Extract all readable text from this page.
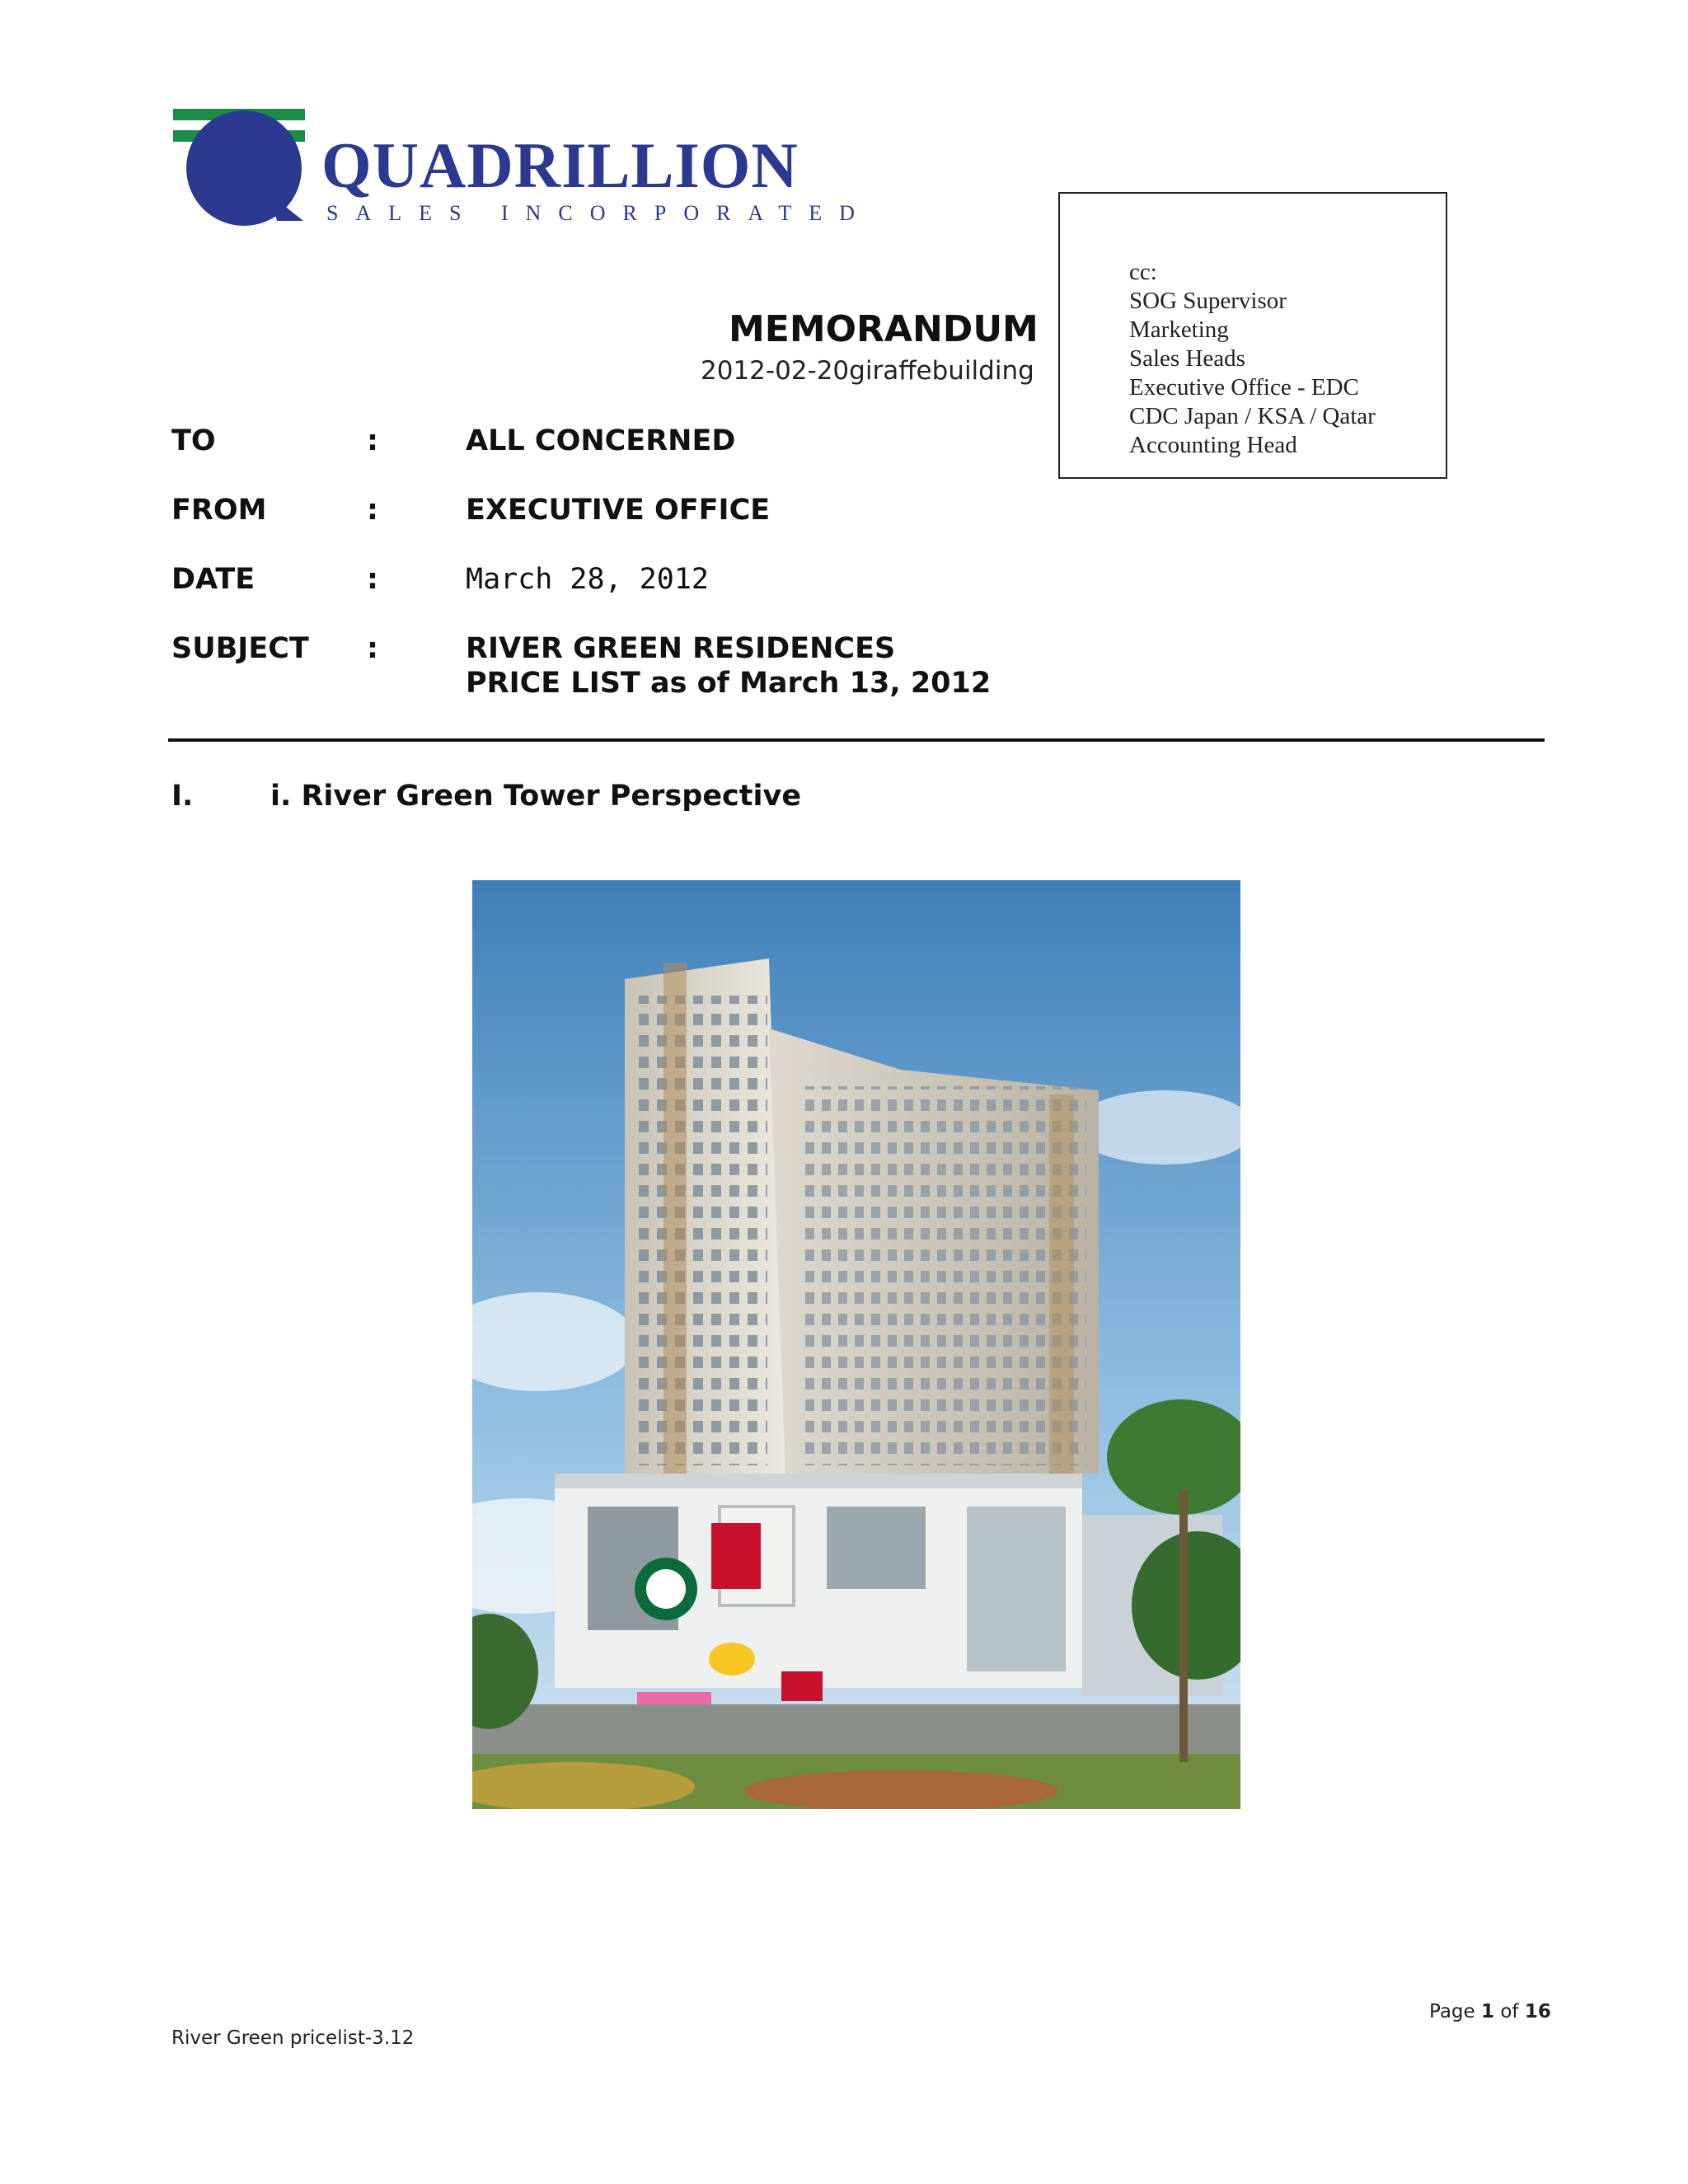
QUADRILLION
SALES INCORPORATED
cc:
SOG Supervisor
Marketing
Sales Heads
Executive Office - EDC
CDC Japan / KSA / Qatar
Accounting Head
MEMORANDUM
2012-02-20giraffebuilding
TO	:	ALL CONCERNED
FROM	:	EXECUTIVE OFFICE
DATE	:	March 28, 2012
SUBJECT :	RIVER GREEN RESIDENCES
PRICE LIST as of March 13, 2012
I.	i. River Green Tower Perspective
Page 1 of 16
River Green pricelist-3.12
